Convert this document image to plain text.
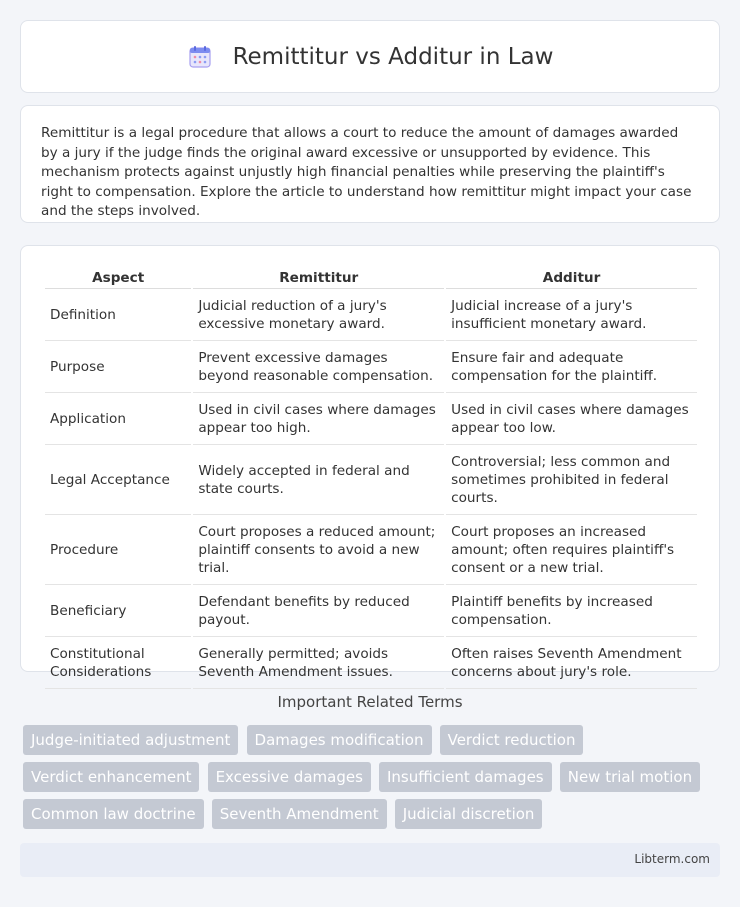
Remittitur vs Additur in Law

Remittitur is a legal procedure that allows a court to reduce the amount of damages awarded by a jury if the judge finds the original award excessive or unsupported by evidence. This mechanism protects against unjustly high financial penalties while preserving the plaintiff's right to compensation. Explore the article to understand how remittitur might impact your case and the steps involved.

Aspect	Remittitur	Additur
Definition	Judicial reduction of a jury's excessive monetary award.	Judicial increase of a jury's insufficient monetary award.
Purpose	Prevent excessive damages beyond reasonable compensation.	Ensure fair and adequate compensation for the plaintiff.
Application	Used in civil cases where damages appear too high.	Used in civil cases where damages appear too low.
Legal Acceptance	Widely accepted in federal and state courts.	Controversial; less common and sometimes prohibited in federal courts.
Procedure	Court proposes a reduced amount; plaintiff consents to avoid a new trial.	Court proposes an increased amount; often requires plaintiff's consent or a new trial.
Beneficiary	Defendant benefits by reduced payout.	Plaintiff benefits by increased compensation.
Constitutional Considerations	Generally permitted; avoids Seventh Amendment issues.	Often raises Seventh Amendment concerns about jury's role.
Important Related Terms
Judge-initiated adjustment Damages modification Verdict reduction Verdict enhancement Excessive damages Insufficient damages New trial motion Common law doctrine Seventh Amendment Judicial discretion
Libterm.com
